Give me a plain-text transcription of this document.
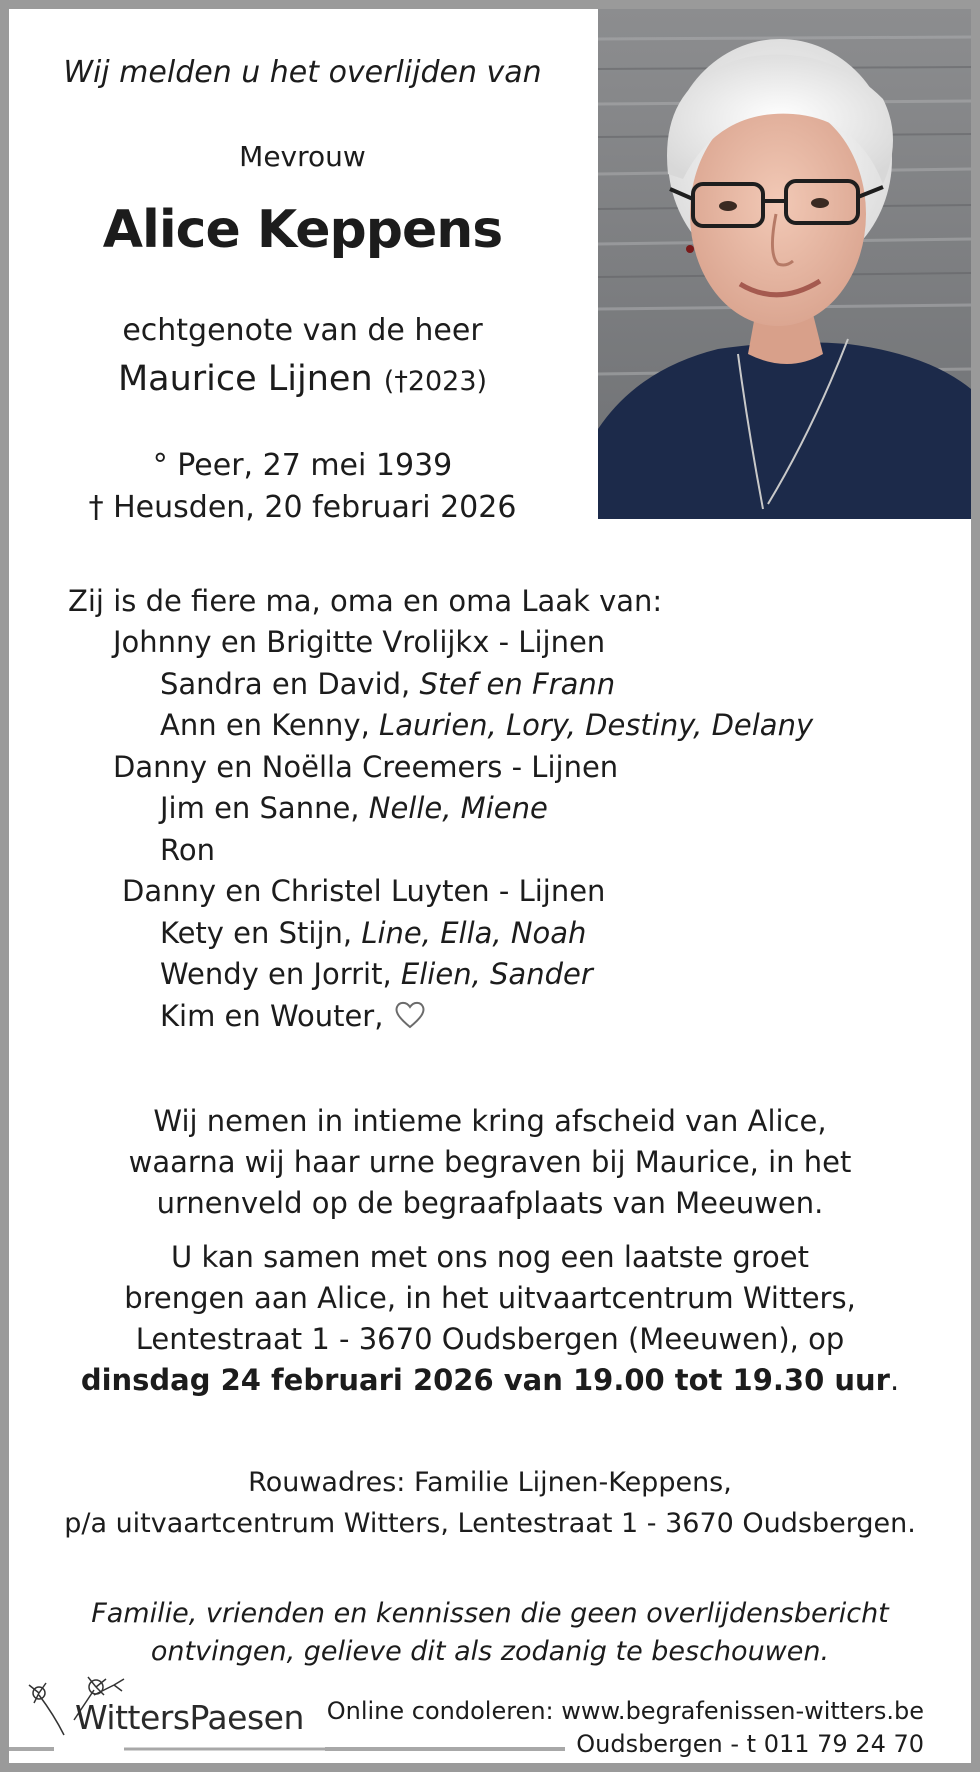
Wij melden u het overlijden van
Mevrouw
Alice Keppens
echtgenote van de heer
Maurice Lijnen (†2023)
° Peer, 27 mei 1939
† Heusden, 20 februari 2026
Zij is de fiere ma, oma en oma Laak van:
Johnny en Brigitte Vrolijkx - Lijnen
Sandra en David, Stef en Frann
Ann en Kenny, Laurien, Lory, Destiny, Delany
Danny en Noëlla Creemers - Lijnen
Jim en Sanne, Nelle, Miene
Ron
Danny en Christel Luyten - Lijnen
Kety en Stijn, Line, Ella, Noah
Wendy en Jorrit, Elien, Sander
Kim en Wouter,
Wij nemen in intieme kring afscheid van Alice,
waarna wij haar urne begraven bij Maurice, in het
urnenveld op de begraafplaats van Meeuwen.
U kan samen met ons nog een laatste groet
brengen aan Alice, in het uitvaartcentrum Witters,
Lentestraat 1 - 3670 Oudsbergen (Meeuwen), op
dinsdag 24 februari 2026 van 19.00 tot 19.30 uur.
Rouwadres: Familie Lijnen-Keppens,
p/a uitvaartcentrum Witters, Lentestraat 1 - 3670 Oudsbergen.
Familie, vrienden en kennissen die geen overlijdensbericht
ontvingen, gelieve dit als zodanig te beschouwen.
WittersPaesen Online condoleren: www.begrafenissen-witters.be
Oudsbergen - t 011 79 24 70
